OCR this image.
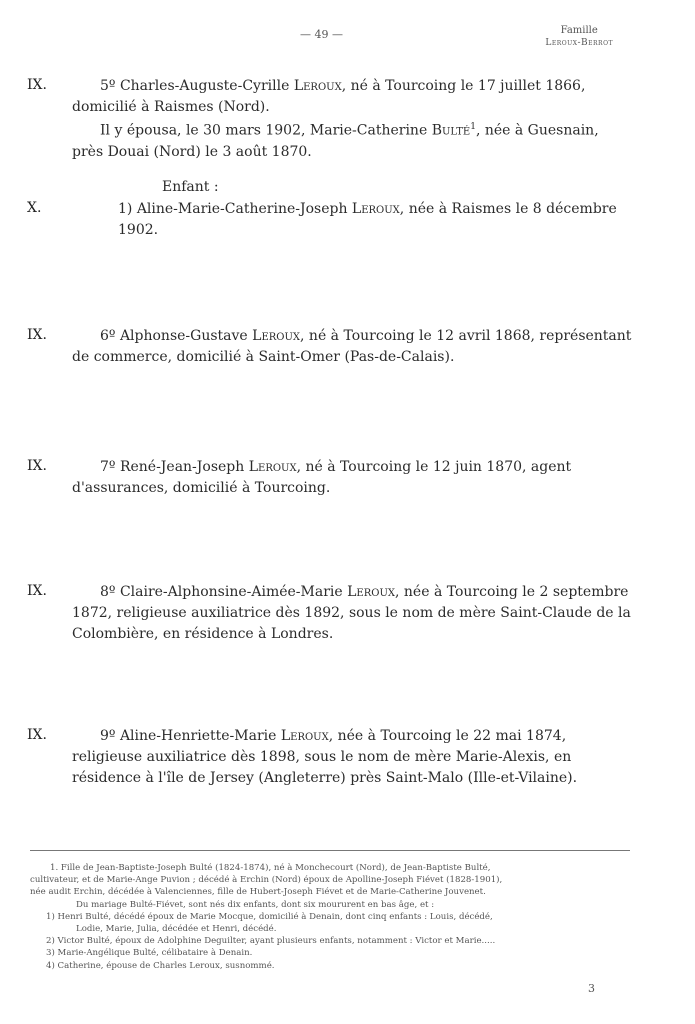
— 49 —	Famille
Leroux-Berrot
IX.	5º Charles-Auguste-Cyrille Leroux, né à Tourcoing le 17 juillet 1866, domicilié à Raismes (Nord).
Il y épousa, le 30 mars 1902, Marie-Catherine Bulté$^1$, née à Guesnain, près Douai (Nord) le 3 août 1870.
Enfant :
X.	1) Aline-Marie-Catherine-Joseph Leroux, née à Raismes le 8 décembre 1902.
IX.	6º Alphonse-Gustave Leroux, né à Tourcoing le 12 avril 1868, représentant de commerce, domicilié à Saint-Omer (Pas-de-Calais).
IX.	7º René-Jean-Joseph Leroux, né à Tourcoing le 12 juin 1870, agent d'assurances, domicilié à Tourcoing.
IX.	8º Claire-Alphonsine-Aimée-Marie Leroux, née à Tourcoing le 2 septembre 1872, religieuse auxiliatrice dès 1892, sous le nom de mère Saint-Claude de la Colombière, en résidence à Londres.
IX.	9º Aline-Henriette-Marie Leroux, née à Tourcoing le 22 mai 1874, religieuse auxiliatrice dès 1898, sous le nom de mère Marie-Alexis, en résidence à l'île de Jersey (Angleterre) près Saint-Malo (Ille-et-Vilaine).
1. Fille de Jean-Baptiste-Joseph Bulté (1824-1874), né à Monchecourt (Nord), de Jean-Baptiste Bulté,
cultivateur, et de Marie-Ange Puvion ; décédé à Erchin (Nord) époux de Apolline-Joseph Fiévet (1828-1901),
née audit Erchin, décédée à Valenciennes, fille de Hubert-Joseph Fiévet et de Marie-Catherine Jouvenet.
Du mariage Bulté-Fiévet, sont nés dix enfants, dont six moururent en bas âge, et :
1) Henri Bulté, décédé époux de Marie Mocque, domicilié à Denain, dont cinq enfants : Louis, décédé,
Lodie, Marie, Julia, décédée et Henri, décédé.
2) Victor Bulté, époux de Adolphine Deguilter, ayant plusieurs enfants, notamment : Victor et Marie.....
3) Marie-Angélique Bulté, célibataire à Denain.
4) Catherine, épouse de Charles Leroux, susnommé.
3
